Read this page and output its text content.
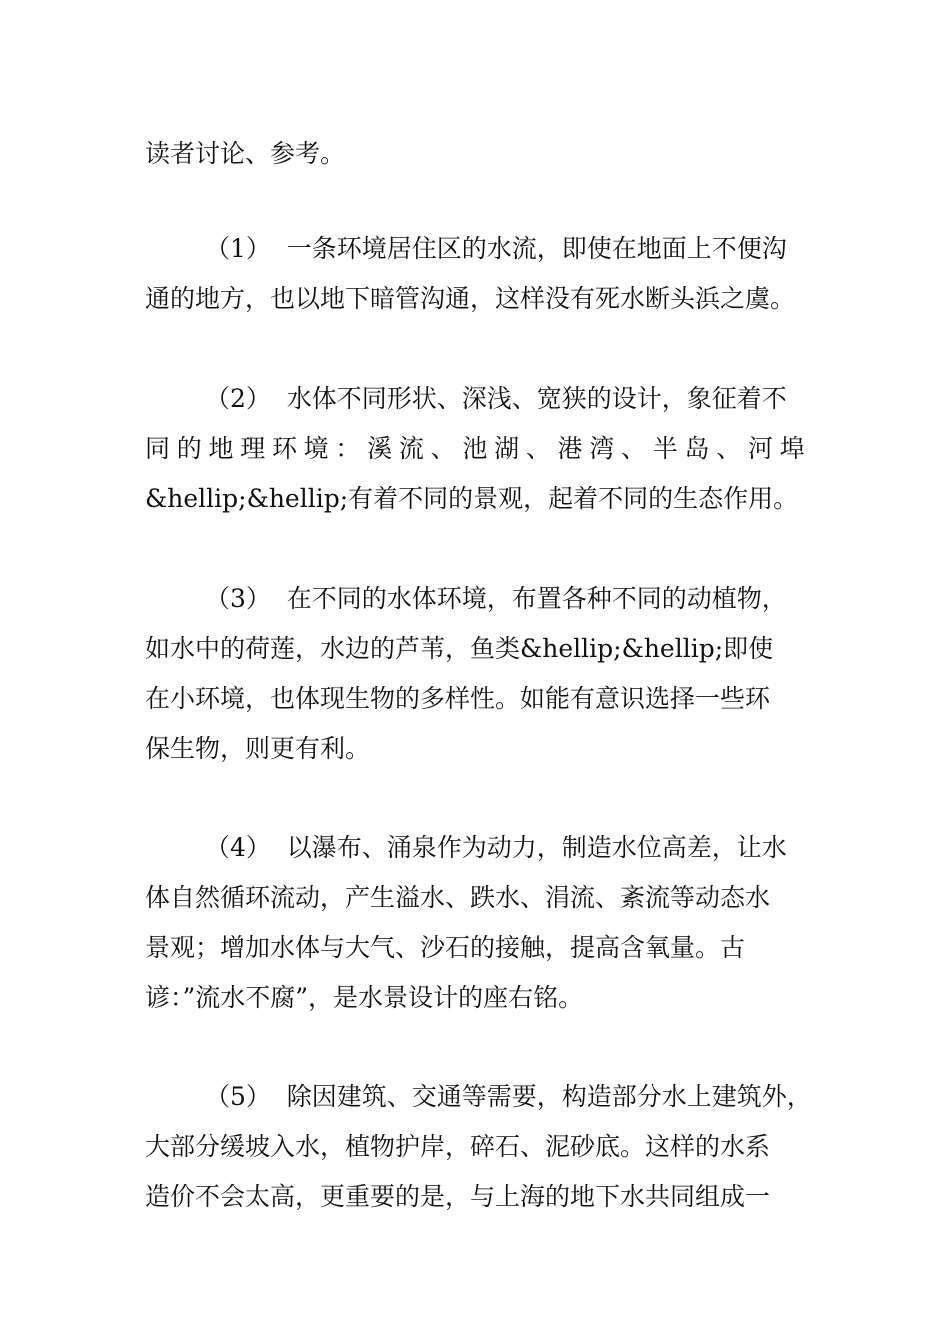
读者讨论、参考。

（1）  一条环境居住区的水流，即使在地面上不便沟

通的地方，也以地下暗管沟通，这样没有死水断头浜之虞。

（2）  水体不同形状、深浅、宽狭的设计，象征着不

同 的 地 理 环 境 ： 溪 流 、 池 湖 、 港 湾 、 半 岛 、 河 埠

&hellip;&hellip;有着不同的景观，起着不同的生态作用。

（3）  在不同的水体环境，布置各种不同的动植物，

如水中的荷莲，水边的芦苇，鱼类&hellip;&hellip;即使

在小环境，也体现生物的多样性。如能有意识选择一些环

保生物，则更有利。

（4）  以瀑布、涌泉作为动力，制造水位高差，让水

体自然循环流动，产生溢水、跌水、涓流、紊流等动态水

景观；增加水体与大气、沙石的接触，提高含氧量。古

谚：”流水不腐”，是水景设计的座右铭。

（5）  除因建筑、交通等需要，构造部分水上建筑外，

大部分缓坡入水，植物护岸，碎石、泥砂底。这样的水系

造价不会太高，更重要的是，与上海的地下水共同组成一
